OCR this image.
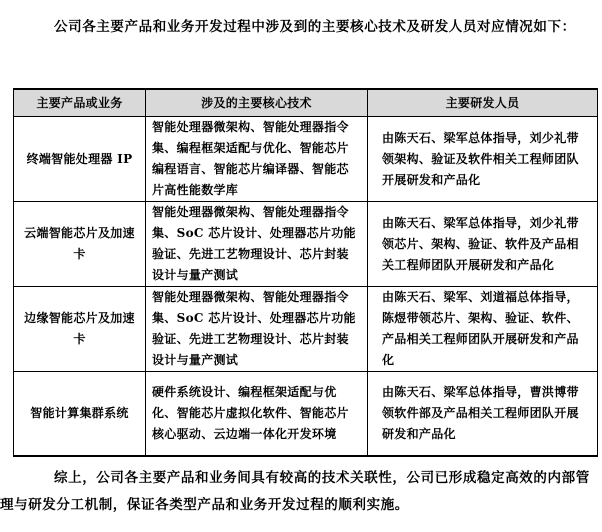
公司各主要产品和业务开发过程中涉及到的主要核心技术及研发人员对应情况如下：

主要产品或业务	涉及的主要核心技术	主要研发人员
终端智能处理器 IP	智能处理器微架构、智能处理器指令集、编程框架适配与优化、智能芯片编程语言、智能芯片编译器、智能芯片高性能数学库	由陈天石、梁军总体指导，刘少礼带领架构、验证及软件相关工程师团队开展研发和产品化
云端智能芯片及加速卡	智能处理器微架构、智能处理器指令集、SoC 芯片设计、处理器芯片功能验证、先进工艺物理设计、芯片封装设计与量产测试	由陈天石、梁军总体指导，刘少礼带领芯片、架构、验证、软件及产品相关工程师团队开展研发和产品化
边缘智能芯片及加速卡	智能处理器微架构、智能处理器指令集、SoC 芯片设计、处理器芯片功能验证、先进工艺物理设计、芯片封装设计与量产测试	由陈天石、梁军、刘道福总体指导，陈煜带领芯片、架构、验证、软件、产品相关工程师团队开展研发和产品化
智能计算集群系统	硬件系统设计、编程框架适配与优化、智能芯片虚拟化软件、智能芯片核心驱动、云边端一体化开发环境	由陈天石、梁军总体指导，曹洪博带领软件部及产品相关工程师团队开展研发和产品化

综上，公司各主要产品和业务间具有较高的技术关联性，公司已形成稳定高效的内部管理与研发分工机制，保证各类型产品和业务开发过程的顺利实施。
